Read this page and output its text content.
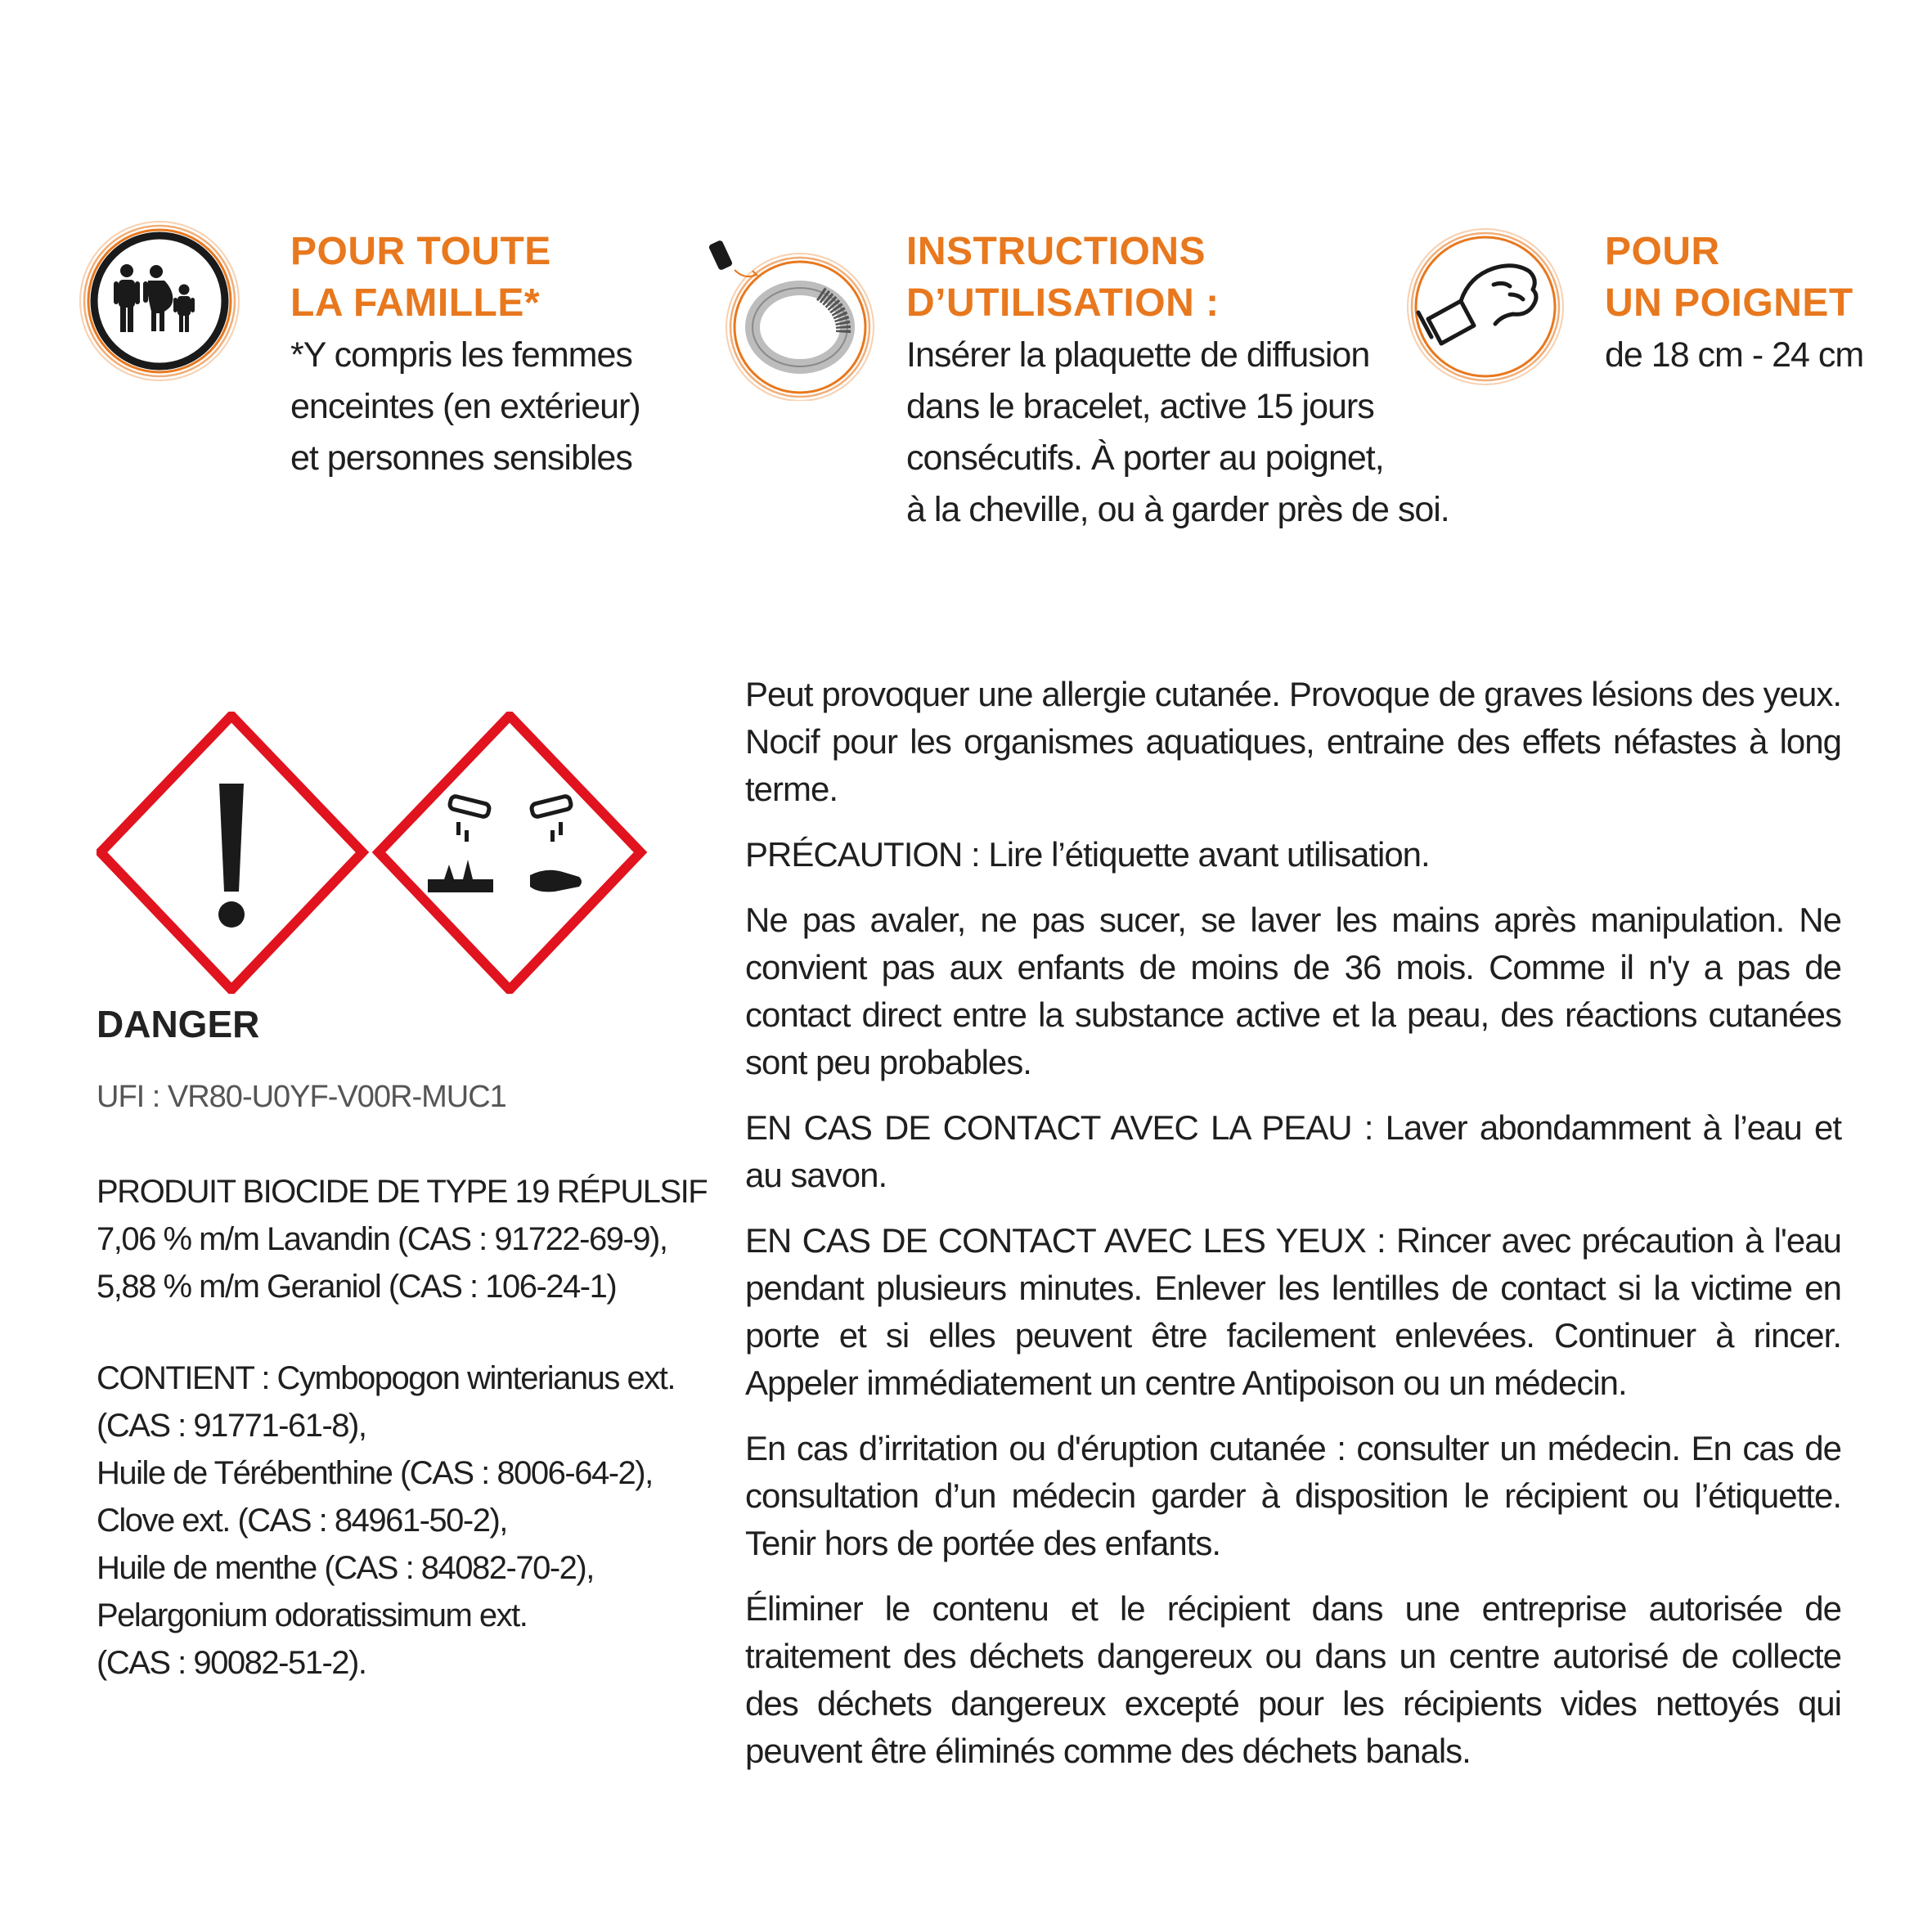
POUR TOUTE
LA FAMILLE*
*Y compris les femmes
enceintes (en extérieur)
et personnes sensibles
INSTRUCTIONS
D’UTILISATION :
Insérer la plaquette de diffusion
dans le bracelet, active 15 jours
consécutifs. À porter au poignet,
à la cheville, ou à garder près de soi.
POUR
UN POIGNET
de 18 cm - 24 cm
DANGER
UFI : VR80-U0YF-V00R-MUC1
PRODUIT BIOCIDE DE TYPE 19 RÉPULSIF
7,06 % m/m Lavandin (CAS : 91722-69-9),
5,88 % m/m Geraniol (CAS : 106-24-1)
CONTIENT : Cymbopogon winterianus ext.
(CAS : 91771-61-8),
Huile de Térébenthine (CAS : 8006-64-2),
Clove ext. (CAS : 84961-50-2),
Huile de menthe (CAS : 84082-70-2),
Pelargonium odoratissimum ext.
(CAS : 90082-51-2).

Peut provoquer une allergie cutanée. Provoque de graves lésions des yeux. Nocif pour les organismes aquatiques, entraine des effets néfastes à long terme.

PRÉCAUTION : Lire l’étiquette avant utilisation.

Ne pas avaler, ne pas sucer, se laver les mains après manipulation. Ne convient pas aux enfants de moins de 36 mois. Comme il n'y a pas de contact direct entre la substance active et la peau, des réactions cutanées sont peu probables.

EN CAS DE CONTACT AVEC LA PEAU : Laver abondamment à l’eau et au savon.

EN CAS DE CONTACT AVEC LES YEUX : Rincer avec précaution à l'eau pendant plusieurs minutes. Enlever les lentilles de contact si la victime en porte et si elles peuvent être facilement enlevées. Continuer à rincer. Appeler immédiatement un centre Antipoison ou un médecin.

En cas d’irritation ou d'éruption cutanée : consulter un médecin. En cas de consultation d’un médecin garder à disposition le récipient ou l’étiquette. Tenir hors de portée des enfants.

Éliminer le contenu et le récipient dans une entreprise autorisée de traitement des déchets dangereux ou dans un centre autorisé de collecte des déchets dangereux excepté pour les récipients vides nettoyés qui peuvent être éliminés comme des déchets banals.
